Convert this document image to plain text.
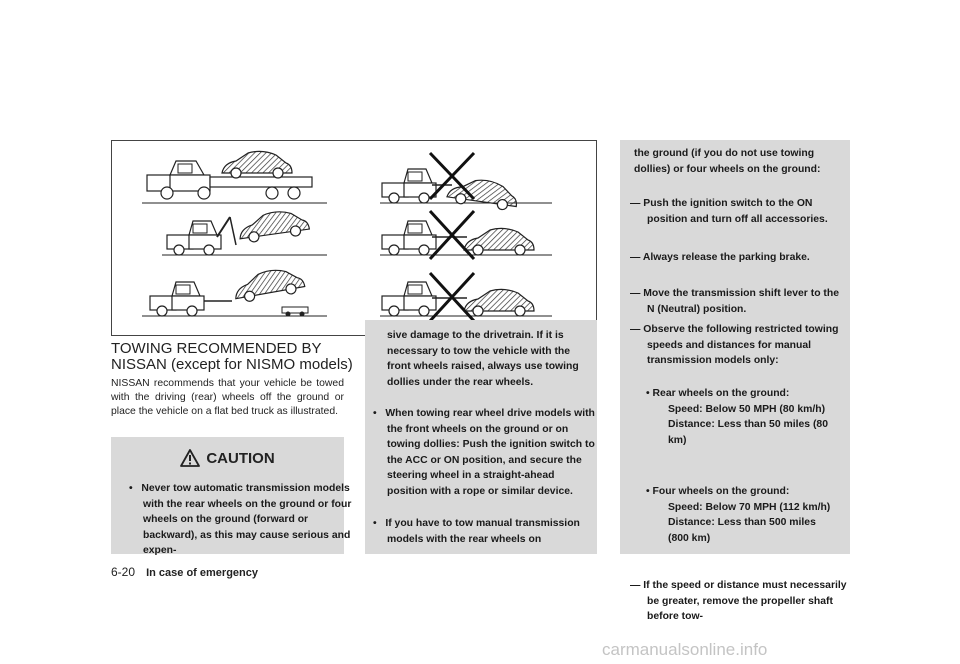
TOWING RECOMMENDED BY NISSAN (except for NISMO models)

NISSAN recommends that your vehicle be towed with the driving (rear) wheels off the ground or place the vehicle on a flat bed truck as illustrated.

CAUTION
•   Never tow automatic transmission models with the rear wheels on the ground or four wheels on the ground (forward or backward), as this may cause serious and expen-
sive damage to the drivetrain. If it is necessary to tow the vehicle with the front wheels raised, always use towing dollies under the rear wheels.
•   When towing rear wheel drive models with the front wheels on the ground or on towing dollies: Push the ignition switch to the ACC or ON position, and secure the steering wheel in a straight-ahead position with a rope or similar device.
•   If you have to tow manual transmission models with the rear wheels on
the ground (if you do not use towing dollies) or four wheels on the ground:
— Push the ignition switch to the ON position and turn off all accessories.
— Always release the parking brake.
— Move the transmission shift lever to the N (Neutral) position.
— Observe the following restricted towing speeds and distances for manual transmission models only:
• Rear wheels on the ground:
Speed: Below 50 MPH (80 km/h)
Distance: Less than 50 miles (80 km)
• Four wheels on the ground:
Speed: Below 70 MPH (112 km/h)
Distance: Less than 500 miles (800 km)
— If the speed or distance must necessarily be greater, remove the propeller shaft before tow-
6-20 In case of emergency
carmanualsonline.info
